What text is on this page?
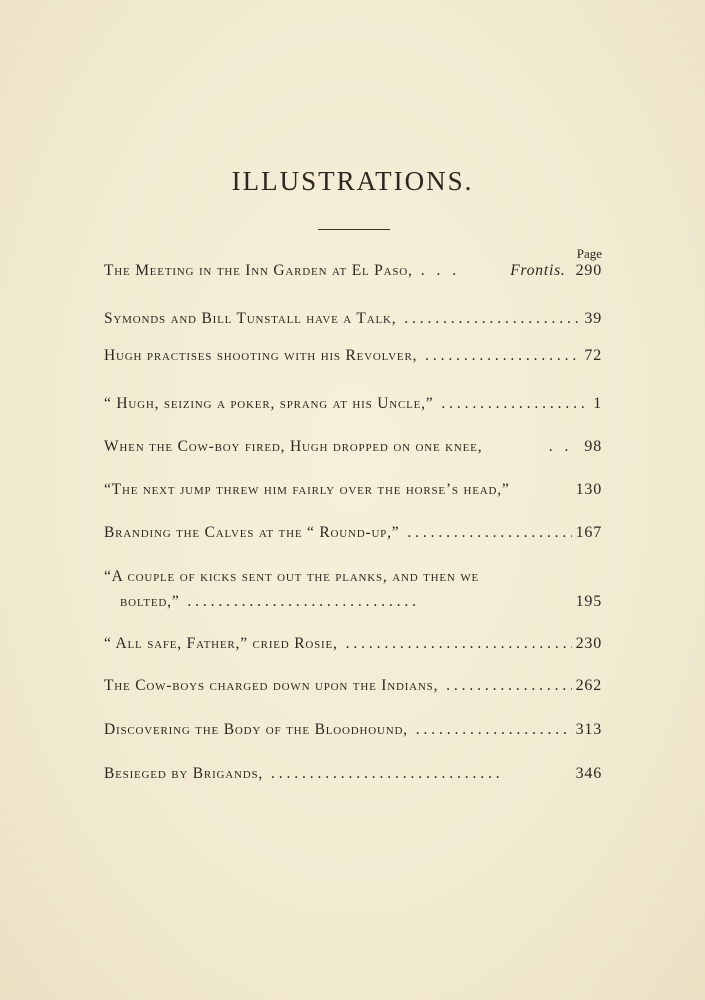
ILLUSTRATIONS.
Page
The Meeting in the Inn Garden at El Paso, . . .	Frontis. 290
Symonds and Bill Tunstall have a Talk, . . .	39
Hugh practises shooting with his Revolver, . . .	72
“ Hugh, seizing a poker, sprang at his Uncle,” . . .	1
When the Cow-boy fired, Hugh dropped on one knee,	. . 98
“The next jump threw him fairly over the horse’s head,”	130
Branding the Calves at the “ Round-up,” . . .	167
“A couple of kicks sent out the planks, and then we
bolted,” . . .	195
“ All safe, Father,” cried Rosie, . . .	230
The Cow-boys charged down upon the Indians, . . .	262
Discovering the Body of the Bloodhound, . . .	313
Besieged by Brigands, . . .	346
